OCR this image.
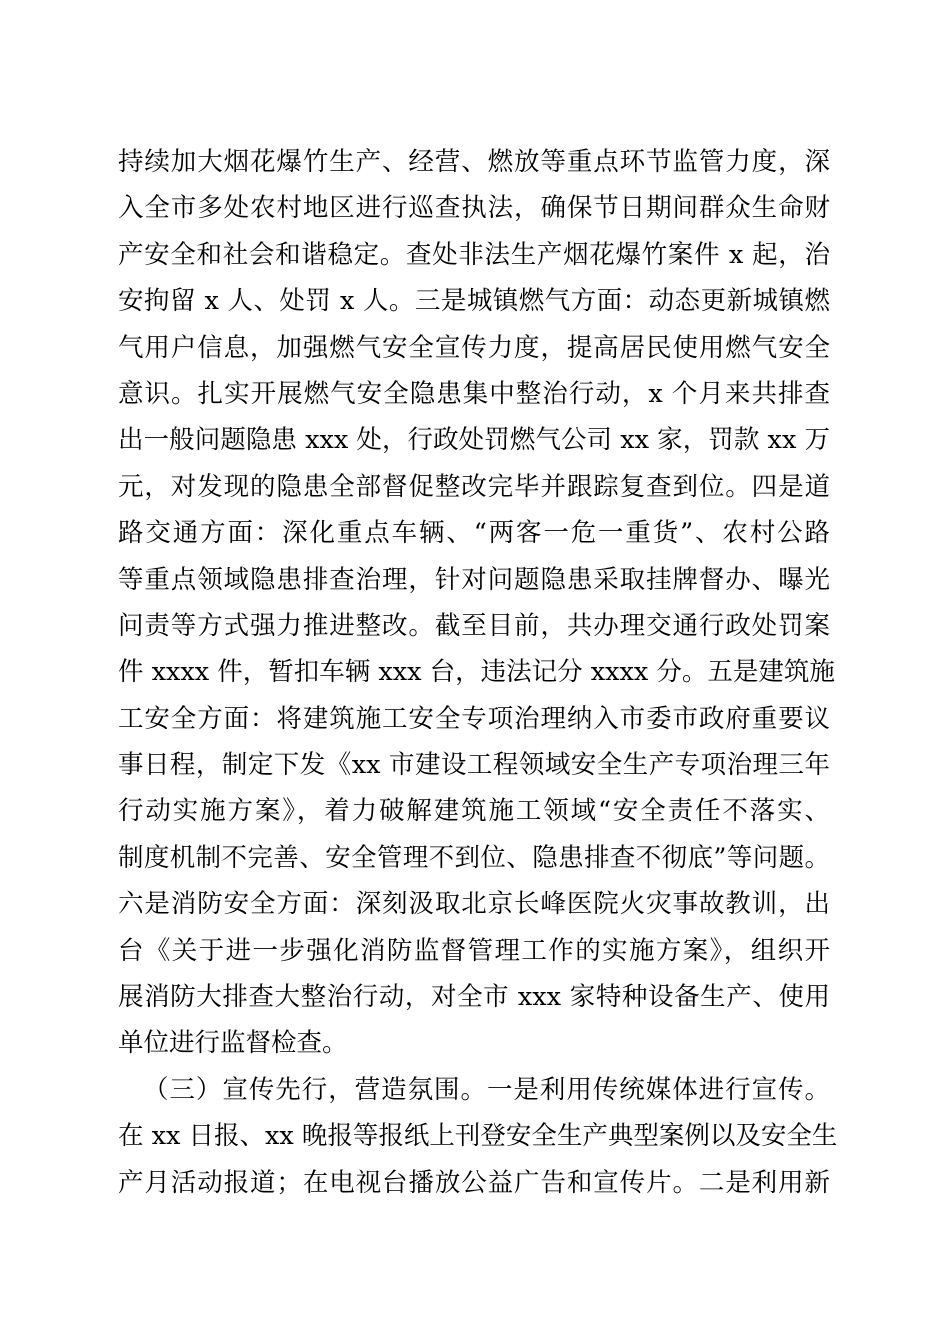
持续加大烟花爆竹生产、经营、燃放等重点环节监管力度，深
入全市多处农村地区进行巡查执法，确保节日期间群众生命财
产安全和社会和谐稳定。查处非法生产烟花爆竹案件 x 起，治
安拘留 x 人、处罚 x 人。三是城镇燃气方面：动态更新城镇燃
气用户信息，加强燃气安全宣传力度，提高居民使用燃气安全
意识。扎实开展燃气安全隐患集中整治行动，x 个月来共排查
出一般问题隐患 xxx 处，行政处罚燃气公司 xx 家，罚款 xx 万
元，对发现的隐患全部督促整改完毕并跟踪复查到位。四是道
路交通方面：深化重点车辆、“两客一危一重货”、农村公路
等重点领域隐患排查治理，针对问题隐患采取挂牌督办、曝光
问责等方式强力推进整改。截至目前，共办理交通行政处罚案
件 xxxx 件，暂扣车辆 xxx 台，违法记分 xxxx 分。五是建筑施
工安全方面：将建筑施工安全专项治理纳入市委市政府重要议
事日程，制定下发《xx 市建设工程领域安全生产专项治理三年
行动实施方案》，着力破解建筑施工领域“安全责任不落实、
制度机制不完善、安全管理不到位、隐患排查不彻底”等问题。
六是消防安全方面：深刻汲取北京长峰医院火灾事故教训，出
台《关于进一步强化消防监督管理工作的实施方案》，组织开
展消防大排查大整治行动，对全市 xxx 家特种设备生产、使用
单位进行监督检查。
（三）宣传先行，营造氛围。一是利用传统媒体进行宣传。
在 xx 日报、xx 晚报等报纸上刊登安全生产典型案例以及安全生
产月活动报道；在电视台播放公益广告和宣传片。二是利用新
